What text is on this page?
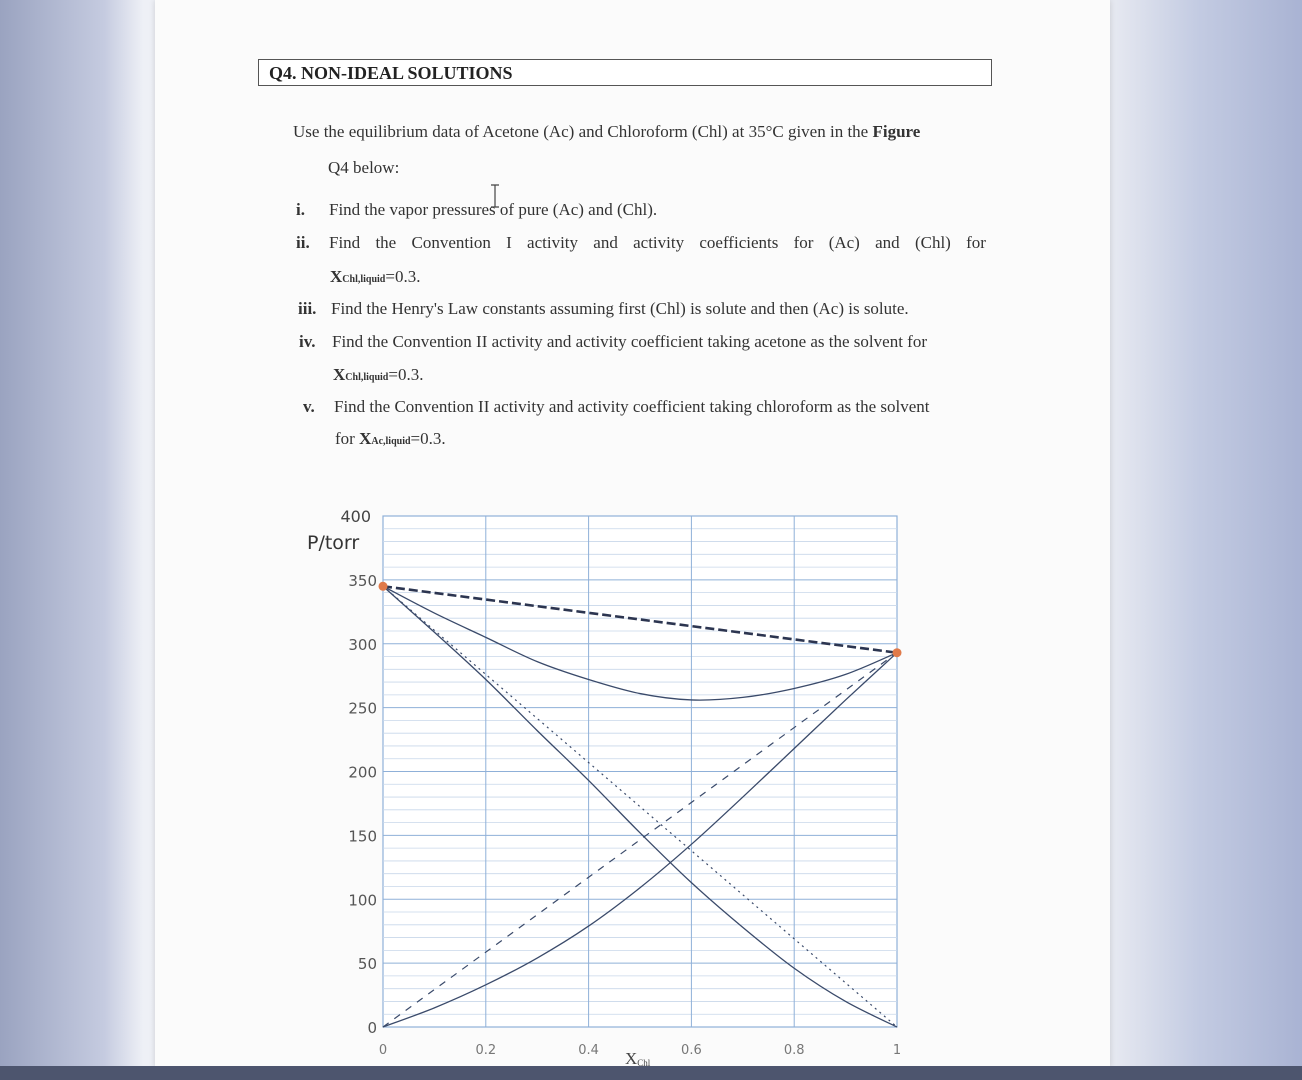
Q4. NON-IDEAL SOLUTIONS
Use the equilibrium data of Acetone (Ac) and Chloroform (Chl) at 35°C given in the Figure
Q4 below:
i. Find the vapor pressures of pure (Ac) and (Chl).
ii. Find the Convention I activity and activity coefficients for (Ac) and (Chl) for
XChl,liquid=0.3.
iii. Find the Henry's Law constants assuming first (Chl) is solute and then (Ac) is solute.
iv. Find the Convention II activity and activity coefficient taking acetone as the solvent for
XChl,liquid=0.3.
v. Find the Convention II activity and activity coefficient taking chloroform as the solvent
for XAc,liquid=0.3.
P/torr
0
50
100
150
200
250
300
350
400
0	0.2	0.4	0.6	0.8	1
XChl
